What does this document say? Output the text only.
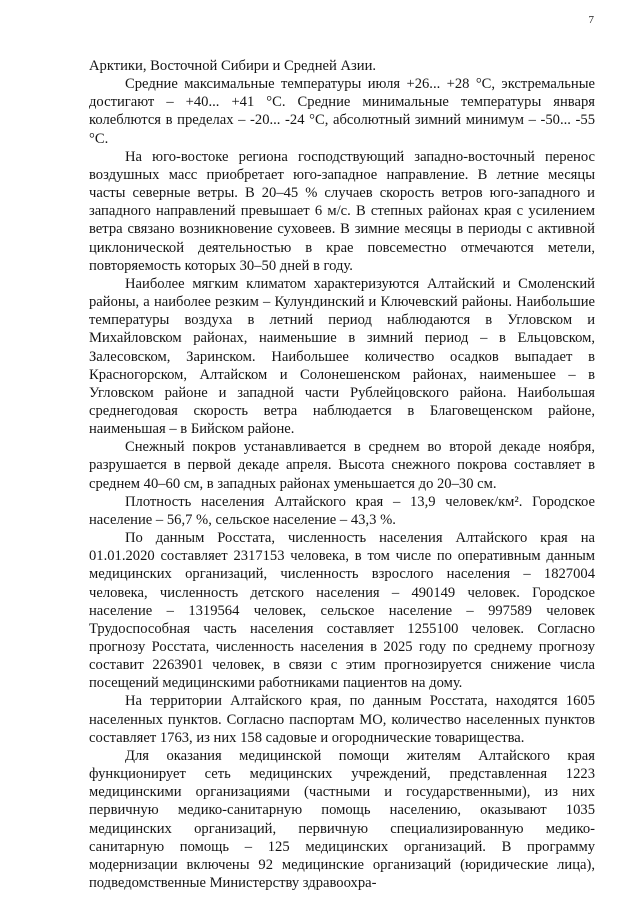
7

Арктики, Восточной Сибири и Средней Азии.

Средние максимальные температуры июля +26... +28 °С, экстремальные достигают – +40... +41 °С. Средние минимальные температуры января колеблются в пределах – -20... -24 °С, абсолютный зимний минимум – -50... -55 °С.

На юго-востоке региона господствующий западно-восточный перенос воздушных масс приобретает юго-западное направление. В летние месяцы часты северные ветры. В 20–45 % случаев скорость ветров юго-западного и западного направлений превышает 6 м/с. В степных районах края с усилением ветра связано возникновение суховеев. В зимние месяцы в периоды с активной циклонической деятельностью в крае повсеместно отмечаются метели, повторяемость которых 30–50 дней в году.

Наиболее мягким климатом характеризуются Алтайский и Смоленский районы, а наиболее резким – Кулундинский и Ключевский районы. Наибольшие температуры воздуха в летний период наблюдаются в Угловском и Михайловском районах, наименьшие в зимний период – в Ельцовском, Залесовском, Заринском. Наибольшее количество осадков выпадает в Красногорском, Алтайском и Солонешенском районах, наименьшее – в Угловском районе и западной части Рублейцовского района. Наибольшая среднегодовая скорость ветра наблюдается в Благовещенском районе, наименьшая – в Бийском районе.

Снежный покров устанавливается в среднем во второй декаде ноября, разрушается в первой декаде апреля. Высота снежного покрова составляет в среднем 40–60 см, в западных районах уменьшается до 20–30 см.

Плотность населения Алтайского края – 13,9 человек/км². Городское население – 56,7 %, сельское население – 43,3 %.

По данным Росстата, численность населения Алтайского края на 01.01.2020 составляет 2317153 человека, в том числе по оперативным данным медицинских организаций, численность взрослого населения – 1827004 человека, численность детского населения – 490149 человек. Городское население – 1319564 человек, сельское население – 997589 человек Трудоспособная часть населения составляет 1255100 человек. Согласно прогнозу Росстата, численность населения в 2025 году по среднему прогнозу составит 2263901 человек, в связи с этим прогнозируется снижение числа посещений медицинскими работниками пациентов на дому.

На территории Алтайского края, по данным Росстата, находятся 1605 населенных пунктов. Согласно паспортам МО, количество населенных пунктов составляет 1763, из них 158 садовые и огороднические товарищества.

Для оказания медицинской помощи жителям Алтайского края функционирует сеть медицинских учреждений, представленная 1223 медицинскими организациями (частными и государственными), из них первичную медико-санитарную помощь населению, оказывают 1035 медицинских организаций, первичную специализированную медико-санитарную помощь – 125 медицинских организаций. В программу модернизации включены 92 медицинские организаций (юридические лица), подведомственные Министерству здравоохра-
